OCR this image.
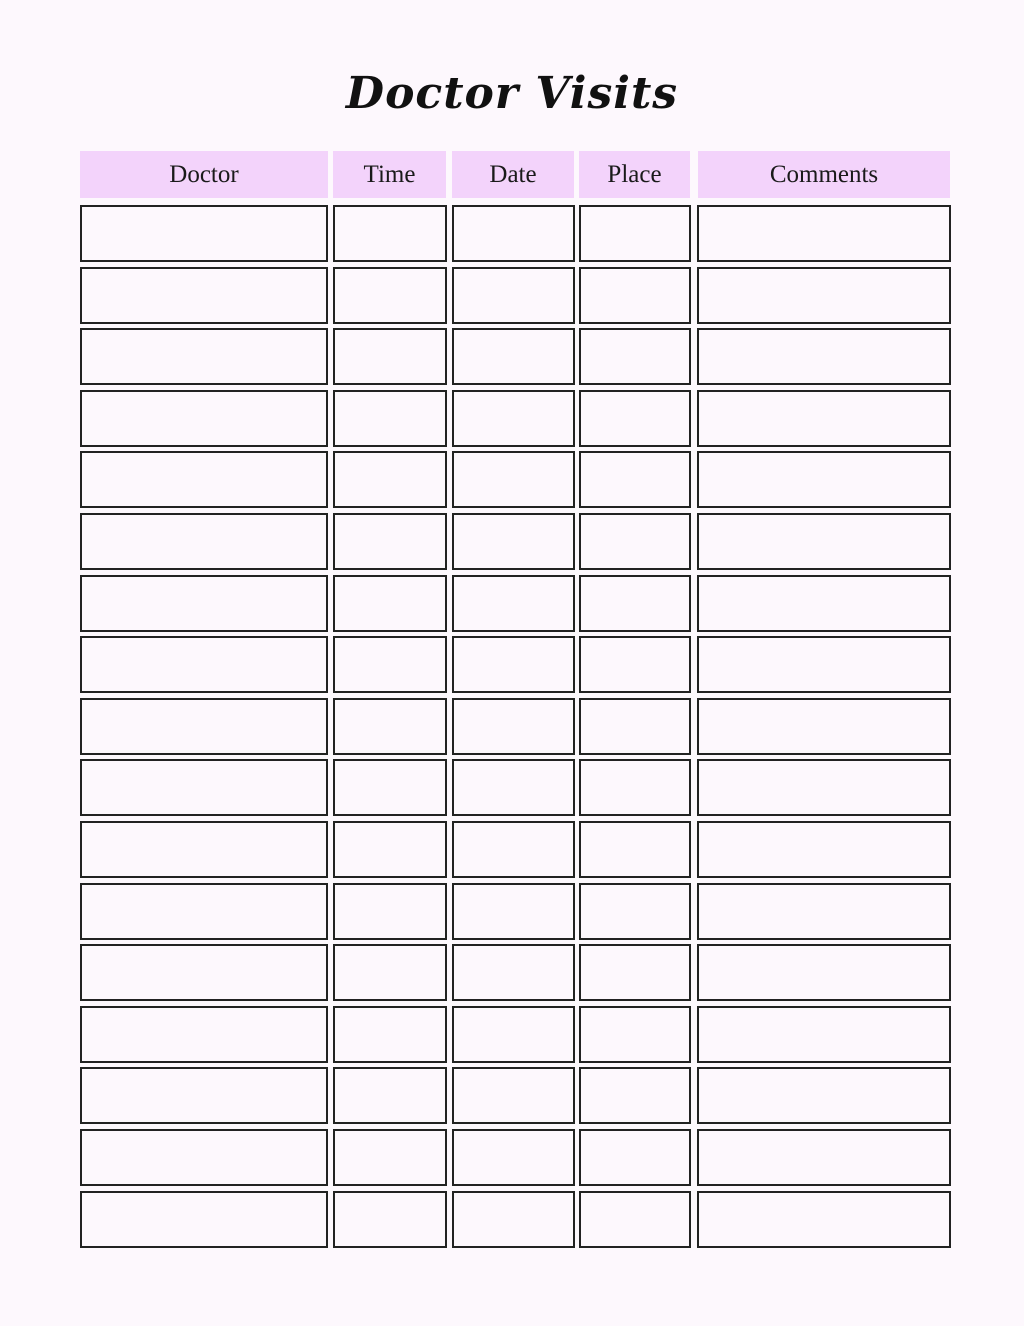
Doctor Visits
Doctor	Time	Date	Place	Comments
